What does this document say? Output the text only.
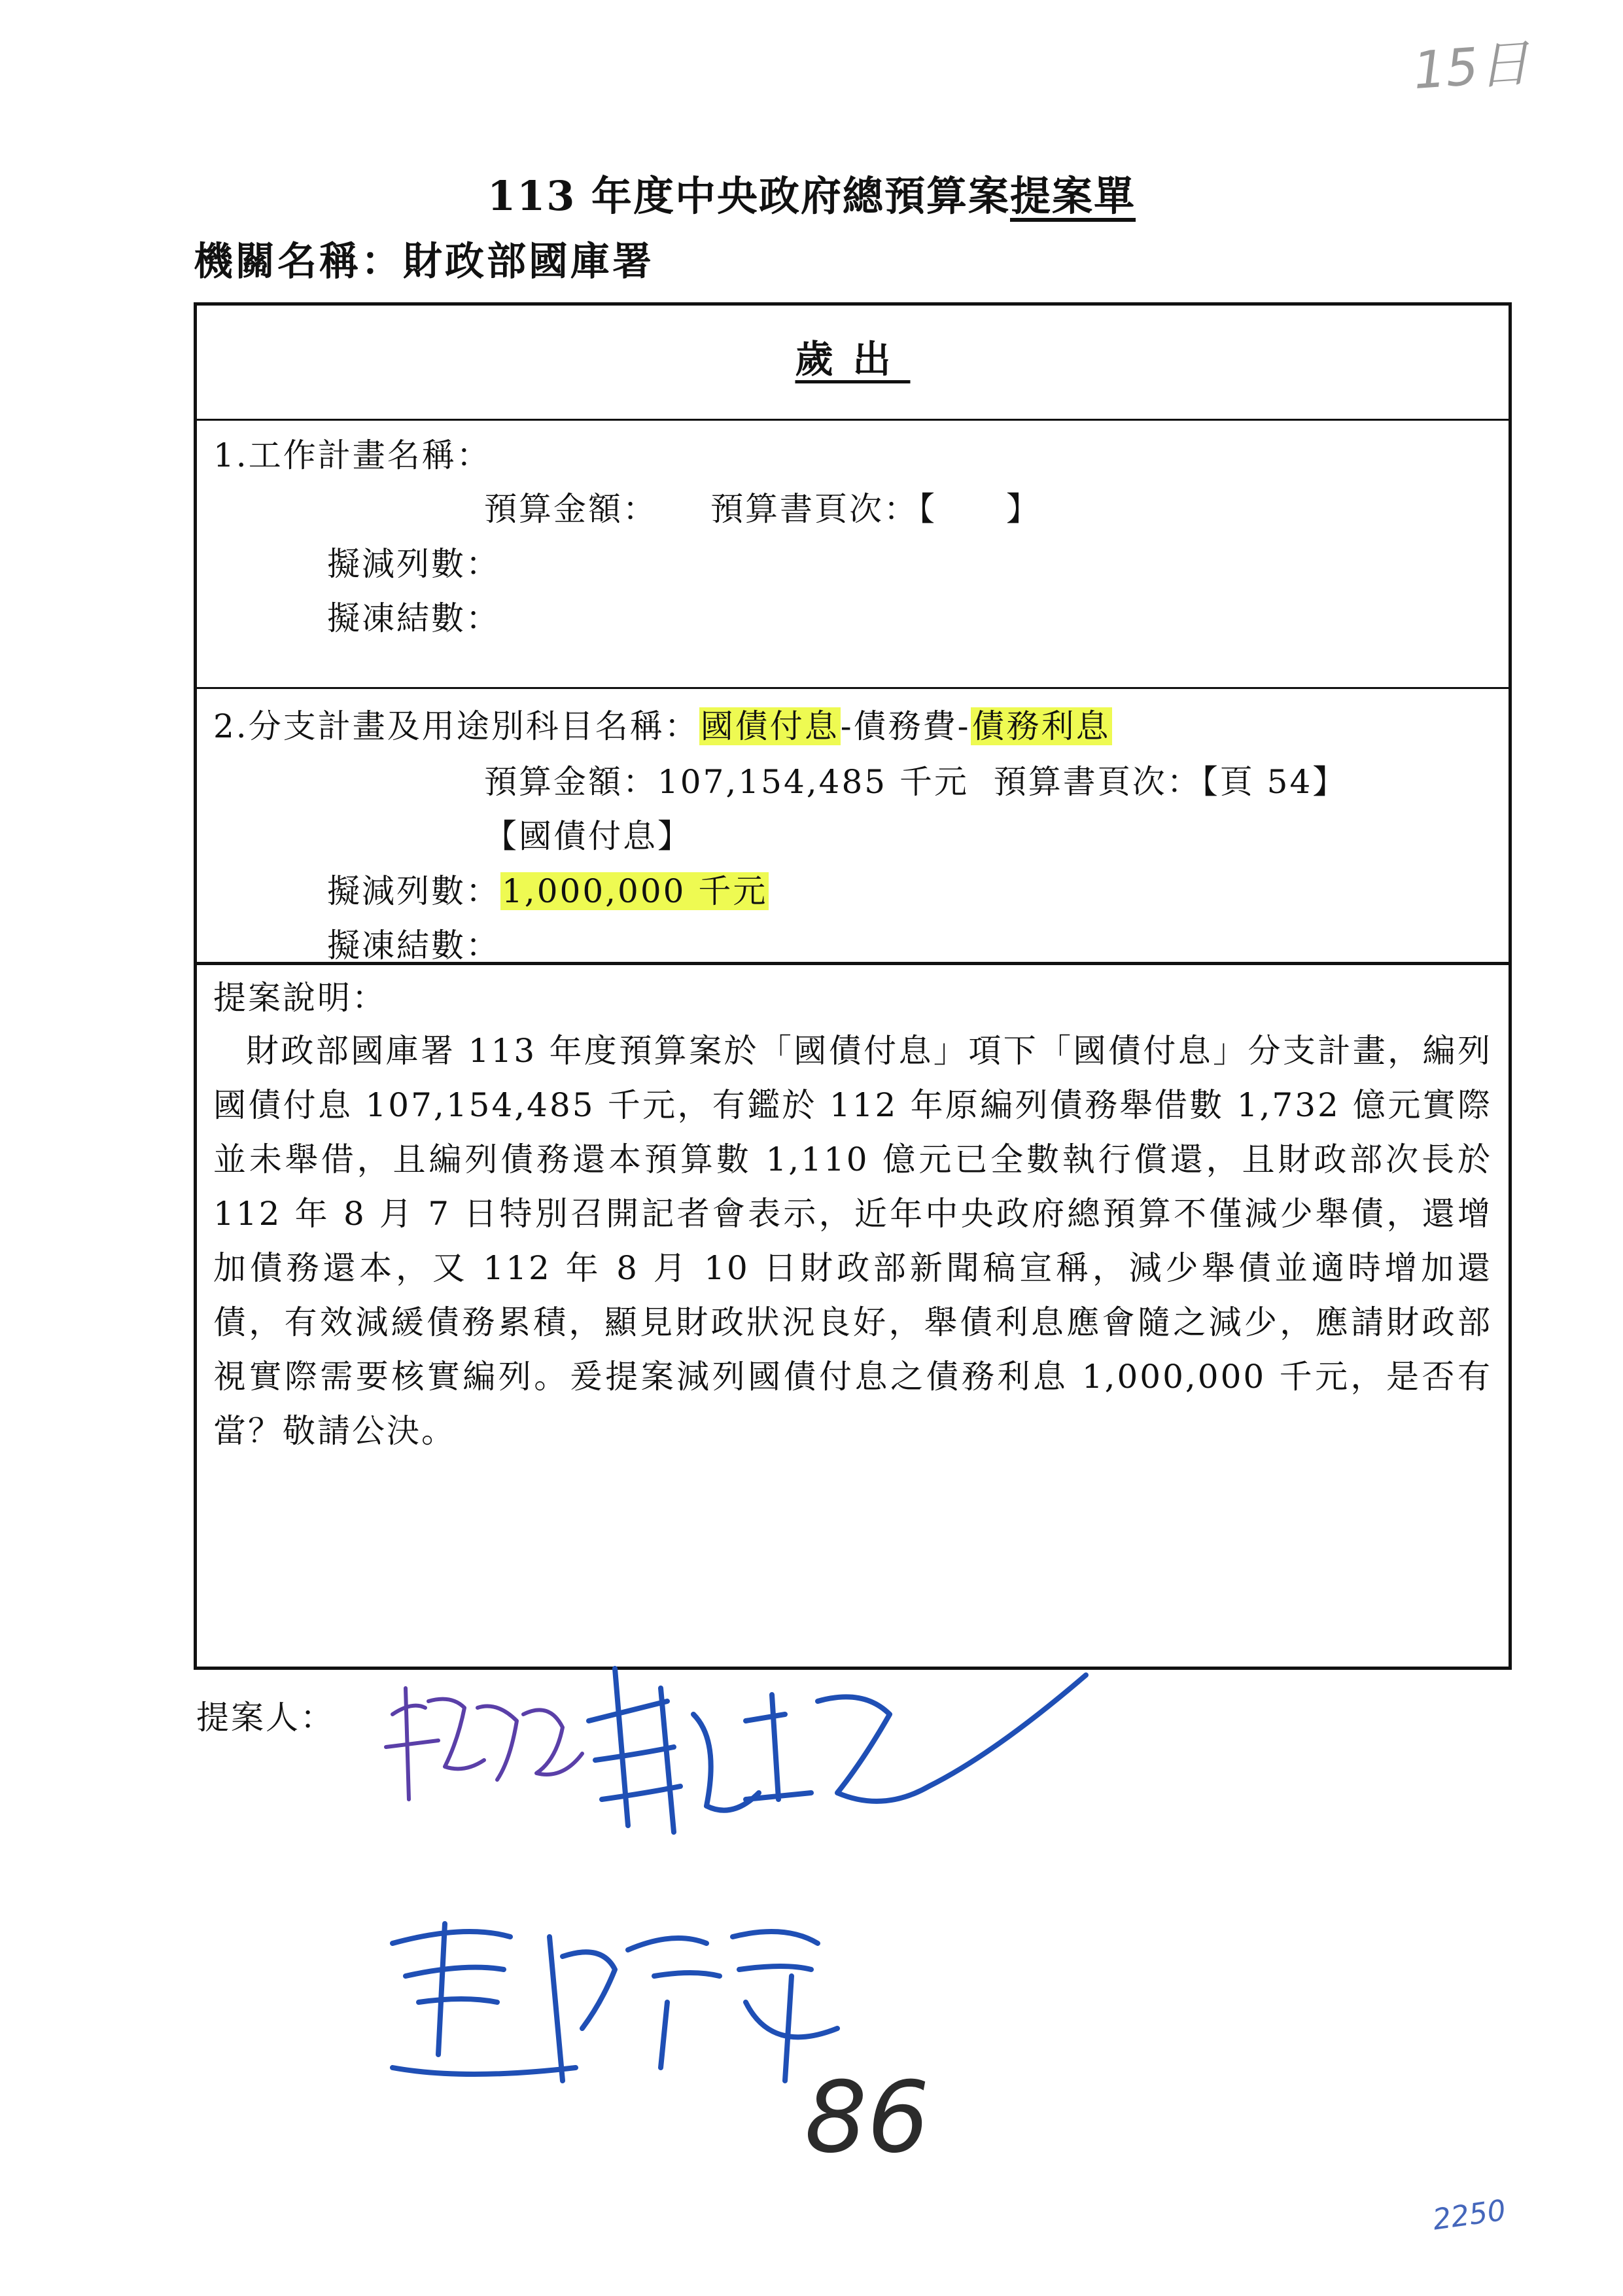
15日
113 年度中央政府總預算案提案單
機關名稱：財政部國庫署
歲出
1.工作計畫名稱：
預算金額：　　預算書頁次：【　　】
擬減列數：
擬凍結數：
2.分支計畫及用途別科目名稱：國債付息-債務費-債務利息
預算金額：107,154,485 千元  預算書頁次：【頁 54】
【國債付息】
擬減列數：1,000,000 千元
擬凍結數：
提案說明：
財政部國庫署 113 年度預算案於「國債付息」項下「國債付息」分支計畫，編列國債付息 107,154,485 千元，有鑑於 112 年原編列債務舉借數 1,732 億元實際並未舉借，且編列債務還本預算數 1,110 億元已全數執行償還，且財政部次長於 112 年 8 月 7 日特別召開記者會表示，近年中央政府總預算不僅減少舉債，還增加債務還本，又 112 年 8 月 10 日財政部新聞稿宣稱，減少舉債並適時增加還債，有效減緩債務累積，顯見財政狀況良好，舉債利息應會隨之減少，應請財政部視實際需要核實編列。爰提案減列國債付息之債務利息 1,000,000 千元，是否有當？敬請公決。
提案人：
86
2250
